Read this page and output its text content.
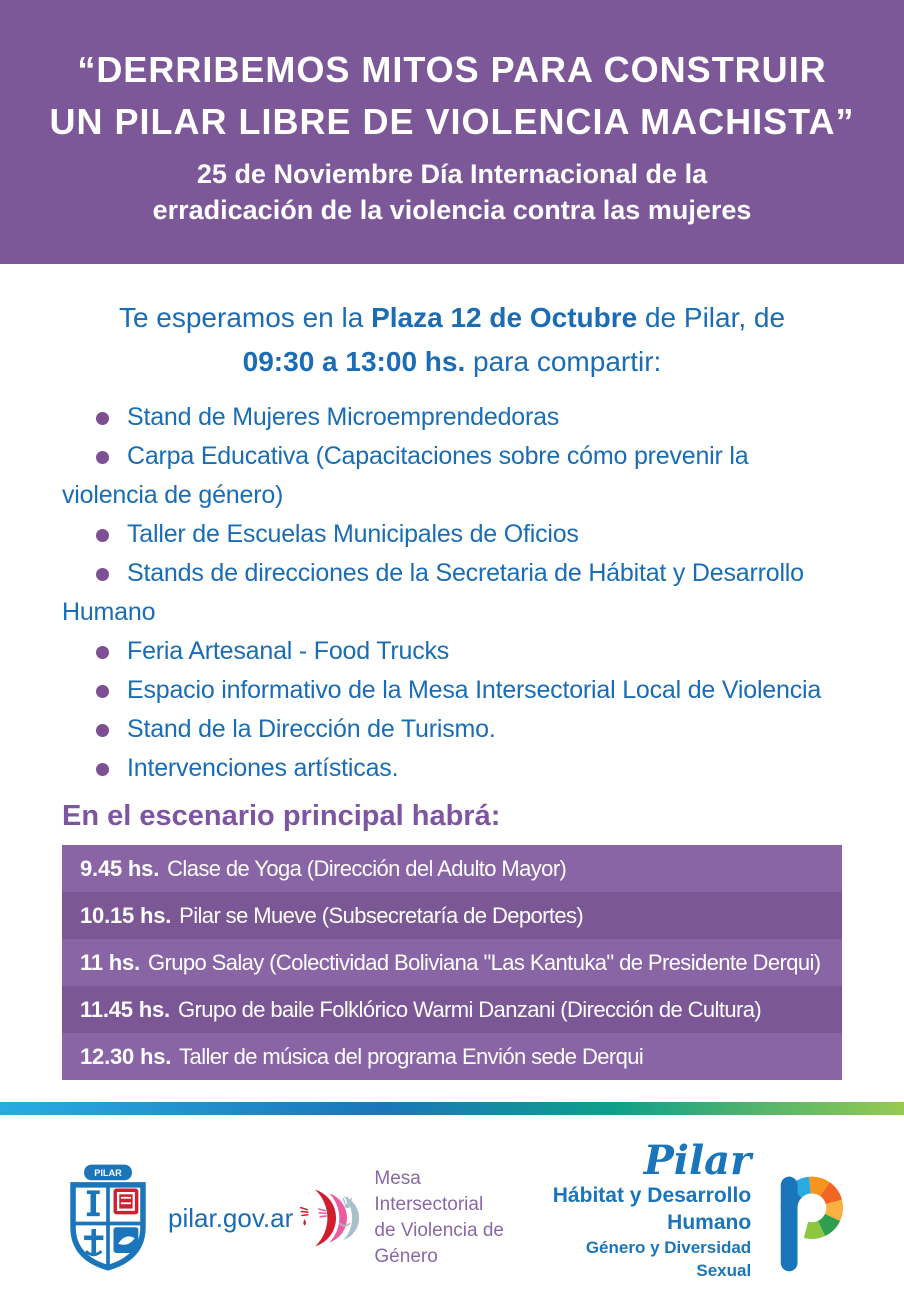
“DERRIBEMOS MITOS PARA CONSTRUIR
UN PILAR LIBRE DE VIOLENCIA MACHISTA”
25 de Noviembre Día Internacional de la
erradicación de la violencia contra las mujeres
Te esperamos en la Plaza 12 de Octubre de Pilar, de
09:30 a 13:00 hs. para compartir:
Stand de Mujeres Microemprendedoras
Carpa Educativa (Capacitaciones sobre cómo prevenir la violencia de género)
Taller de Escuelas Municipales de Oficios
Stands de direcciones de la Secretaria de Hábitat y Desarrollo Humano
Feria Artesanal - Food Trucks
Espacio informativo de la Mesa Intersectorial Local de Violencia
Stand de la Dirección de Turismo.
Intervenciones artísticas.
En el escenario principal habrá:
9.45 hs. Clase de Yoga (Dirección del Adulto Mayor)
10.15 hs. Pilar se Mueve (Subsecretaría de Deportes)
11 hs. Grupo Salay (Colectividad Boliviana "Las Kantuka" de Presidente Derqui)
11.45 hs. Grupo de baile Folklórico Warmi Danzani (Dirección de Cultura)
12.30 hs. Taller de música del programa Envión sede Derqui
PILAR
pilar.gov.ar
Mesa Intersectorial
de Violencia de Género
Pilar
Hábitat y Desarrollo Humano
Género y Diversidad Sexual
